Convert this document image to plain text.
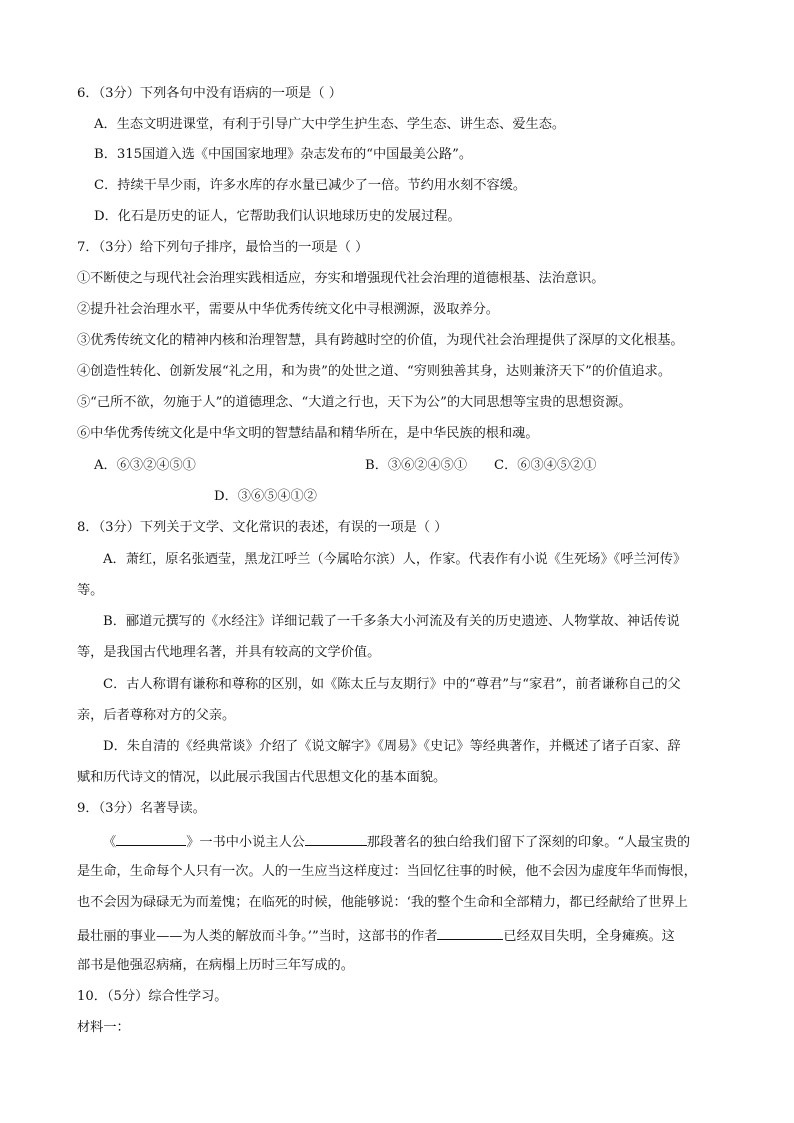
6．（3分）下列各句中没有语病的一项是（ ）
A．生态文明进课堂，有利于引导广大中学生护生态、学生态、讲生态、爱生态。
B．315国道入选《中国国家地理》杂志发布的“中国最美公路”。
C．持续干旱少雨，许多水库的存水量已减少了一倍。节约用水刻不容缓。
D．化石是历史的证人，它帮助我们认识地球历史的发展过程。
7．（3分）给下列句子排序，最恰当的一项是（ ）
①不断使之与现代社会治理实践相适应，夯实和增强现代社会治理的道德根基、法治意识。
②提升社会治理水平，需要从中华优秀传统文化中寻根溯源，汲取养分。
③优秀传统文化的精神内核和治理智慧，具有跨越时空的价值，为现代社会治理提供了深厚的文化根基。
④创造性转化、创新发展“礼之用，和为贵”的处世之道、“穷则独善其身，达则兼济天下”的价值追求。
⑤“己所不欲，勿施于人”的道德理念、“大道之行也，天下为公”的大同思想等宝贵的思想资源。
⑥中华优秀传统文化是中华文明的智慧结晶和精华所在，是中华民族的根和魂。
A．⑥③②④⑤①	B．③⑥②④⑤①	C．⑥③④⑤②①
D．③⑥⑤④①②
8．（3分）下列关于文学、文化常识的表述，有误的一项是（ ）
A．萧红，原名张迺莹，黑龙江呼兰（今属哈尔滨）人，作家。代表作有小说《生死场》《呼兰河传》
等。
B．郦道元撰写的《水经注》详细记载了一千多条大小河流及有关的历史遗迹、人物掌故、神话传说
等，是我国古代地理名著，并具有较高的文学价值。
C．古人称谓有谦称和尊称的区别，如《陈太丘与友期行》中的“尊君”与“家君”，前者谦称自己的父
亲，后者尊称对方的父亲。
D．朱自清的《经典常谈》介绍了《说文解字》《周易》《史记》等经典著作，并概述了诸子百家、辞
赋和历代诗文的情况，以此展示我国古代思想文化的基本面貌。
9．（3分）名著导读。
《	》一书中小说主人公	那段著名的独白给我们留下了深刻的印象。“人最宝贵的
是生命，生命每个人只有一次。人的一生应当这样度过：当回忆往事的时候，他不会因为虚度年华而悔恨，
也不会因为碌碌无为而羞愧；在临死的时候，他能够说：‘我的整个生命和全部精力，都已经献给了世界上
最壮丽的事业——为人类的解放而斗争。’”当时，这部书的作者	已经双目失明，全身瘫痪。这
部书是他强忍病痛，在病榻上历时三年写成的。
10．（5分）综合性学习。
材料一：
